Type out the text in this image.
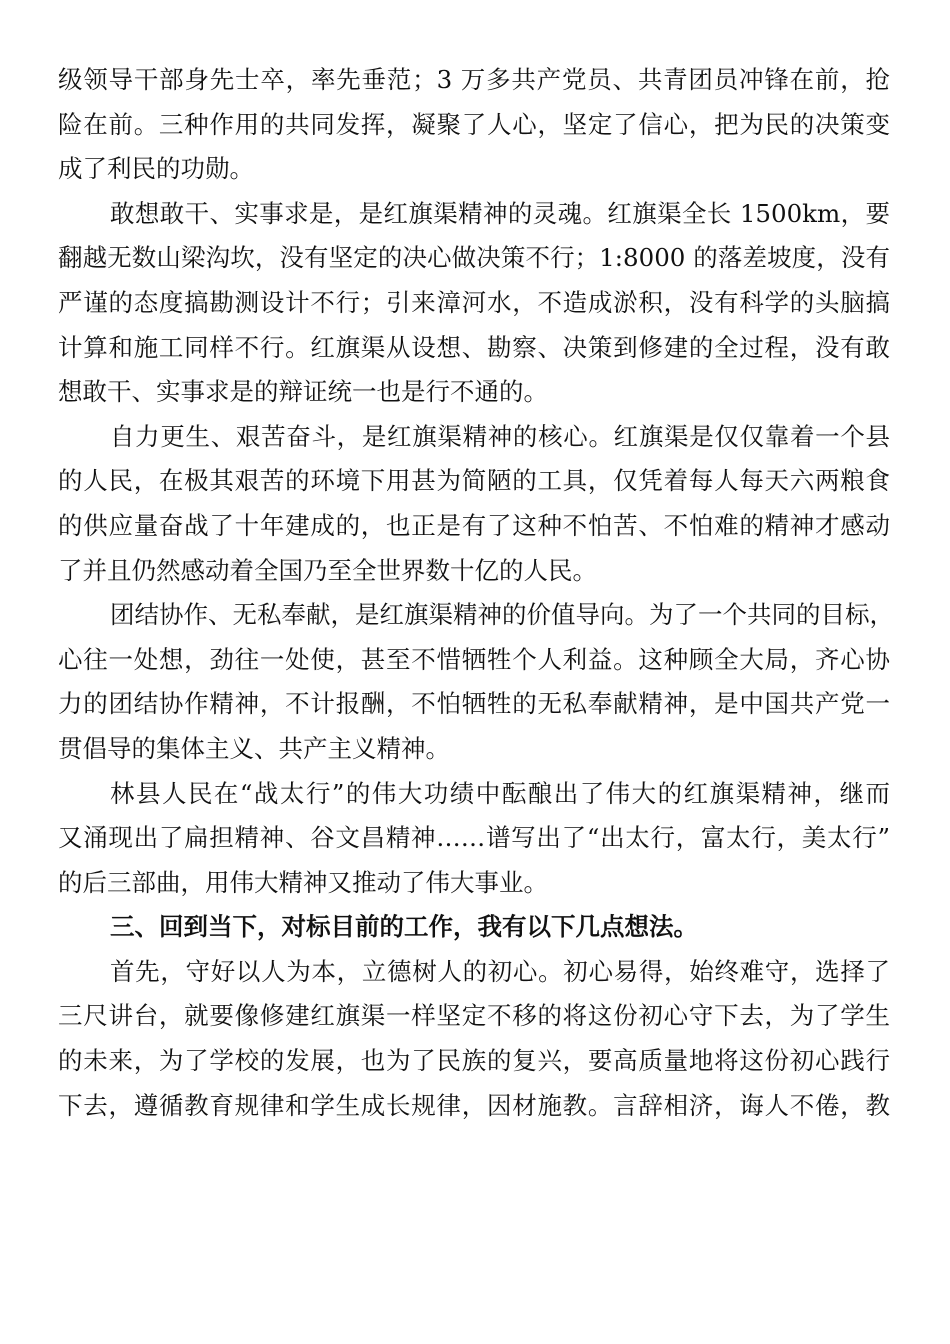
级领导干部身先士卒，率先垂范；3 万多共产党员、共青团员冲锋在前，抢
险在前。三种作用的共同发挥，凝聚了人心，坚定了信心，把为民的决策变
成了利民的功勋。
敢想敢干、实事求是，是红旗渠精神的灵魂。红旗渠全长 1500km，要
翻越无数山梁沟坎，没有坚定的决心做决策不行；1:8000 的落差坡度，没有
严谨的态度搞勘测设计不行；引来漳河水，不造成淤积，没有科学的头脑搞
计算和施工同样不行。红旗渠从设想、勘察、决策到修建的全过程，没有敢
想敢干、实事求是的辩证统一也是行不通的。
自力更生、艰苦奋斗，是红旗渠精神的核心。红旗渠是仅仅靠着一个县
的人民，在极其艰苦的环境下用甚为简陋的工具，仅凭着每人每天六两粮食
的供应量奋战了十年建成的，也正是有了这种不怕苦、不怕难的精神才感动
了并且仍然感动着全国乃至全世界数十亿的人民。
团结协作、无私奉献，是红旗渠精神的价值导向。为了一个共同的目标，
心往一处想，劲往一处使，甚至不惜牺牲个人利益。这种顾全大局，齐心协
力的团结协作精神，不计报酬，不怕牺牲的无私奉献精神，是中国共产党一
贯倡导的集体主义、共产主义精神。
林县人民在“战太行”的伟大功绩中酝酿出了伟大的红旗渠精神，继而
又涌现出了扁担精神、谷文昌精神……谱写出了“出太行，富太行，美太行”
的后三部曲，用伟大精神又推动了伟大事业。
三、回到当下，对标目前的工作，我有以下几点想法。
首先，守好以人为本，立德树人的初心。初心易得，始终难守，选择了
三尺讲台，就要像修建红旗渠一样坚定不移的将这份初心守下去，为了学生
的未来，为了学校的发展，也为了民族的复兴，要高质量地将这份初心践行
下去，遵循教育规律和学生成长规律，因材施教。言辞相济，诲人不倦，教
